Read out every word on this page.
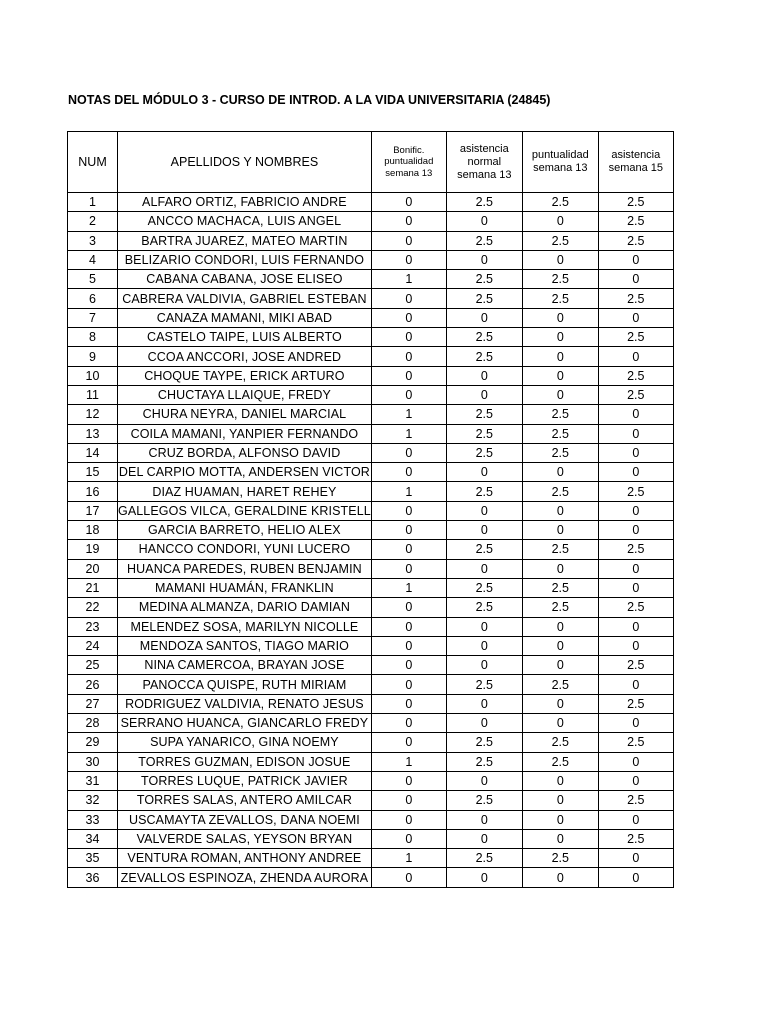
NOTAS DEL MÓDULO 3 - CURSO DE INTROD. A LA VIDA UNIVERSITARIA (24845)
NUM	APELLIDOS Y NOMBRES	Bonific.
puntualidad
semana 13	asistencia
normal
semana 13	puntualidad
semana 13	asistencia
semana 15

1	ALFARO ORTIZ, FABRICIO ANDRE	0	2.5	2.5	2.5
2	ANCCO MACHACA, LUIS ANGEL	0	0	0	2.5
3	BARTRA JUAREZ, MATEO MARTIN	0	2.5	2.5	2.5
4	BELIZARIO CONDORI, LUIS FERNANDO	0	0	0	0
5	CABANA CABANA, JOSE ELISEO	1	2.5	2.5	0
6	CABRERA VALDIVIA, GABRIEL ESTEBAN	0	2.5	2.5	2.5
7	CANAZA MAMANI, MIKI ABAD	0	0	0	0
8	CASTELO TAIPE, LUIS ALBERTO	0	2.5	0	2.5
9	CCOA ANCCORI, JOSE ANDRED	0	2.5	0	0
10	CHOQUE TAYPE, ERICK ARTURO	0	0	0	2.5
11	CHUCTAYA LLAIQUE, FREDY	0	0	0	2.5
12	CHURA NEYRA, DANIEL MARCIAL	1	2.5	2.5	0
13	COILA MAMANI, YANPIER FERNANDO	1	2.5	2.5	0
14	CRUZ BORDA, ALFONSO DAVID	0	2.5	2.5	0
15	DEL CARPIO MOTTA, ANDERSEN VICTOR	0	0	0	0
16	DIAZ HUAMAN, HARET REHEY	1	2.5	2.5	2.5
17	GALLEGOS VILCA, GERALDINE KRISTELL	0	0	0	0
18	GARCIA BARRETO, HELIO ALEX	0	0	0	0
19	HANCCO CONDORI, YUNI LUCERO	0	2.5	2.5	2.5
20	HUANCA PAREDES, RUBEN BENJAMIN	0	0	0	0
21	MAMANI HUAMÁN, FRANKLIN	1	2.5	2.5	0
22	MEDINA ALMANZA, DARIO DAMIAN	0	2.5	2.5	2.5
23	MELENDEZ SOSA, MARILYN NICOLLE	0	0	0	0
24	MENDOZA SANTOS, TIAGO MARIO	0	0	0	0
25	NINA CAMERCOA, BRAYAN JOSE	0	0	0	2.5
26	PANOCCA QUISPE, RUTH MIRIAM	0	2.5	2.5	0
27	RODRIGUEZ VALDIVIA, RENATO JESUS	0	0	0	2.5
28	SERRANO HUANCA, GIANCARLO FREDY	0	0	0	0
29	SUPA YANARICO, GINA NOEMY	0	2.5	2.5	2.5
30	TORRES GUZMAN, EDISON JOSUE	1	2.5	2.5	0
31	TORRES LUQUE, PATRICK JAVIER	0	0	0	0
32	TORRES SALAS, ANTERO AMILCAR	0	2.5	0	2.5
33	USCAMAYTA ZEVALLOS, DANA NOEMI	0	0	0	0
34	VALVERDE SALAS, YEYSON BRYAN	0	0	0	2.5
35	VENTURA ROMAN, ANTHONY ANDREE	1	2.5	2.5	0
36	ZEVALLOS ESPINOZA, ZHENDA AURORA	0	0	0	0
